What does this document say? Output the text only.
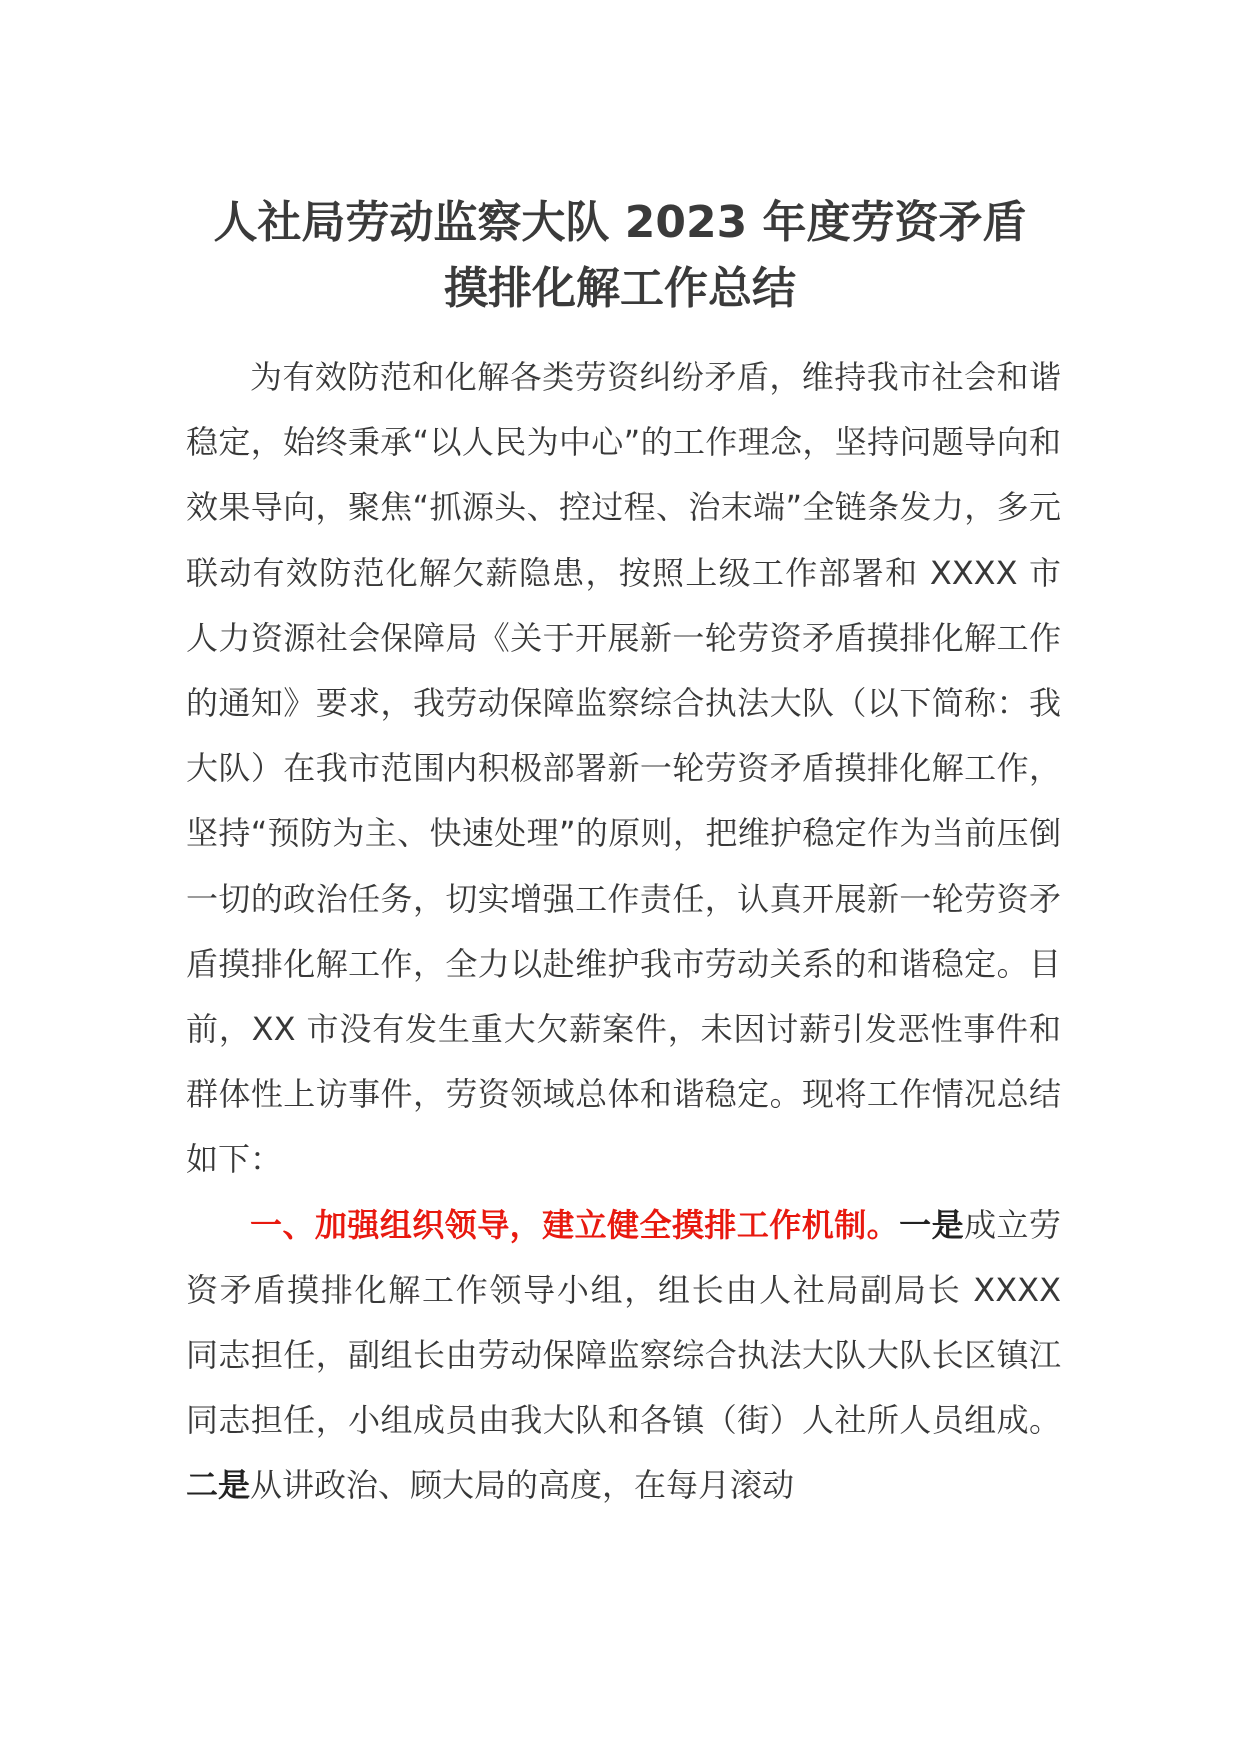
人社局劳动监察大队 2023 年度劳资矛盾
摸排化解工作总结

为有效防范和化解各类劳资纠纷矛盾，维持我市社会和谐稳定，始终秉承“以人民为中心”的工作理念，坚持问题导向和效果导向，聚焦“抓源头、控过程、治末端”全链条发力，多元联动有效防范化解欠薪隐患，按照上级工作部署和 XXXX 市人力资源社会保障局《关于开展新一轮劳资矛盾摸排化解工作的通知》要求，我劳动保障监察综合执法大队（以下简称：我大队）在我市范围内积极部署新一轮劳资矛盾摸排化解工作，坚持“预防为主、快速处理”的原则，把维护稳定作为当前压倒一切的政治任务，切实增强工作责任，认真开展新一轮劳资矛盾摸排化解工作，全力以赴维护我市劳动关系的和谐稳定。目前，XX 市没有发生重大欠薪案件，未因讨薪引发恶性事件和群体性上访事件，劳资领域总体和谐稳定。现将工作情况总结如下：

一、加强组织领导，建立健全摸排工作机制。一是成立劳资矛盾摸排化解工作领导小组，组长由人社局副局长 XXXX 同志担任，副组长由劳动保障监察综合执法大队大队长区镇江同志担任，小组成员由我大队和各镇（街）人社所人员组成。二是从讲政治、顾大局的高度，在每月滚动
